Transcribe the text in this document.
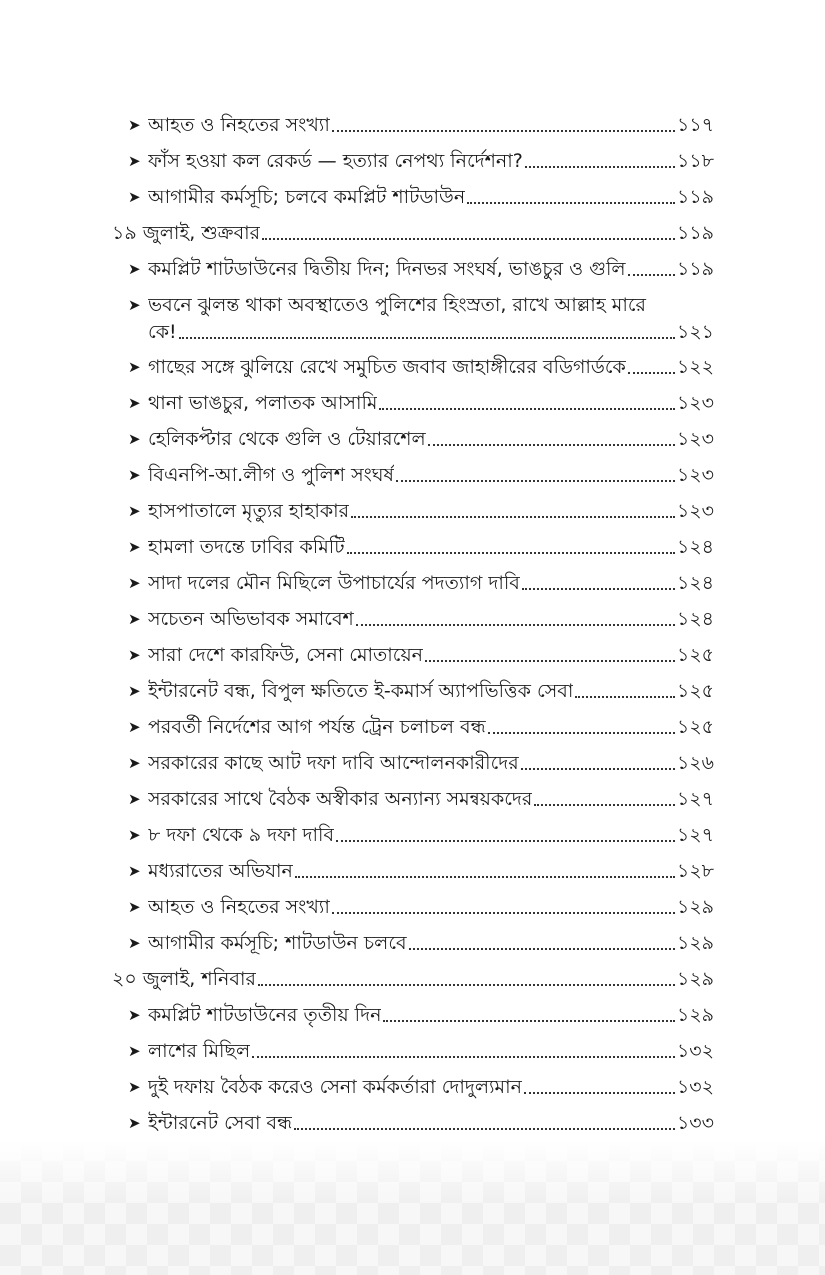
➤ আহত ও নিহতের সংখ্যা	১১৭
➤ ফাঁস হওয়া কল রেকর্ড — হত্যার নেপথ্য নির্দেশনা?	১১৮
➤ আগামীর কর্মসূচি; চলবে কমপ্লিট শাটডাউন	১১৯
১৯ জুলাই, শুক্রবার	১১৯
➤ কমপ্লিট শাটডাউনের দ্বিতীয় দিন; দিনভর সংঘর্ষ, ভাঙচুর ও গুলি	১১৯
➤ ভবনে ঝুলন্ত থাকা অবস্থাতেও পুলিশের হিংস্রতা, রাখে আল্লাহ মারে
কে!	১২১
➤ গাছের সঙ্গে ঝুলিয়ে রেখে সমুচিত জবাব জাহাঙ্গীরের বডিগার্ডকে	১২২
➤ থানা ভাঙচুর, পলাতক আসামি	১২৩
➤ হেলিকপ্টার থেকে গুলি ও টেয়ারশেল	১২৩
➤ বিএনপি-আ.লীগ ও পুলিশ সংঘর্ষ	১২৩
➤ হাসপাতালে মৃত্যুর হাহাকার	১২৩
➤ হামলা তদন্তে ঢাবির কমিটি	১২৪
➤ সাদা দলের মৌন মিছিলে উপাচার্যের পদত্যাগ দাবি	১২৪
➤ সচেতন অভিভাবক সমাবেশ	১২৪
➤ সারা দেশে কারফিউ, সেনা মোতায়েন	১২৫
➤ ইন্টারনেট বন্ধ, বিপুল ক্ষতিতে ই-কমার্স অ্যাপভিত্তিক সেবা	১২৫
➤ পরবর্তী নির্দেশের আগ পর্যন্ত ট্রেন চলাচল বন্ধ	১২৫
➤ সরকারের কাছে আট দফা দাবি আন্দোলনকারীদের	১২৬
➤ সরকারের সাথে বৈঠক অস্বীকার অন্যান্য সমন্বয়কদের	১২৭
➤ ৮ দফা থেকে ৯ দফা দাবি	১২৭
➤ মধ্যরাতের অভিযান	১২৮
➤ আহত ও নিহতের সংখ্যা	১২৯
➤ আগামীর কর্মসূচি; শাটডাউন চলবে	১২৯
২০ জুলাই, শনিবার	১২৯
➤ কমপ্লিট শাটডাউনের তৃতীয় দিন	১২৯
➤ লাশের মিছিল	১৩২
➤ দুই দফায় বৈঠক করেও সেনা কর্মকর্তারা দোদুল্যমান	১৩২
➤ ইন্টারনেট সেবা বন্ধ	১৩৩
